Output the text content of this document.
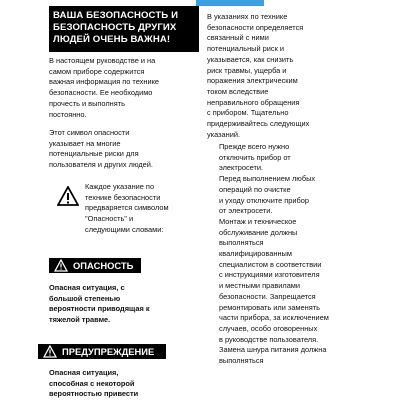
ВАША БЕЗОПАСНОСТЬ И
БЕЗОПАСНОСТЬ ДРУГИХ
ЛЮДЕЙ ОЧЕНЬ ВАЖНА!
В настоящем руководстве и на
самом приборе содержится
важная информация по технике
безопасности. Ее необходимо
прочесть и выполнять
постоянно.
Этот символ опасности
указывает на многие
потенциальные риски для
пользователя и других людей.
Каждое указание по
технике безопасности
предваряется символом
"Опасность" и
следующими словами:
ОПАСНОСТЬ
Опасная ситуация, с
большой степенью
вероятности приводящая к
тяжелой травме.
ПРЕДУПРЕЖДЕНИЕ
Опасная ситуация,
способная с некоторой
вероятностью привести
В указаниях по технике
безопасности определяется
связанный с ними
потенциальный риск и
указывается, как снизить
риск травмы, ущерба и
поражения электрическим
током вследствие
неправильного обращения
с прибором. Тщательно
придерживайтесь следующих
указаний.
Прежде всего нужно
отключить прибор от
электросети.
Перед выполнением любых
операций по очистке
и уходу отключите прибор
от электросети.
Монтаж и техническое
обслуживание должны
выполняться
квалифицированным
специалистом в соответствии
с инструкциями изготовителя
и местными правилами
безопасности. Запрещается
ремонтировать или заменять
части прибора, за исключением
случаев, особо оговоренных
в руководстве пользователя.
Замена шнура питания должна
выполняться
